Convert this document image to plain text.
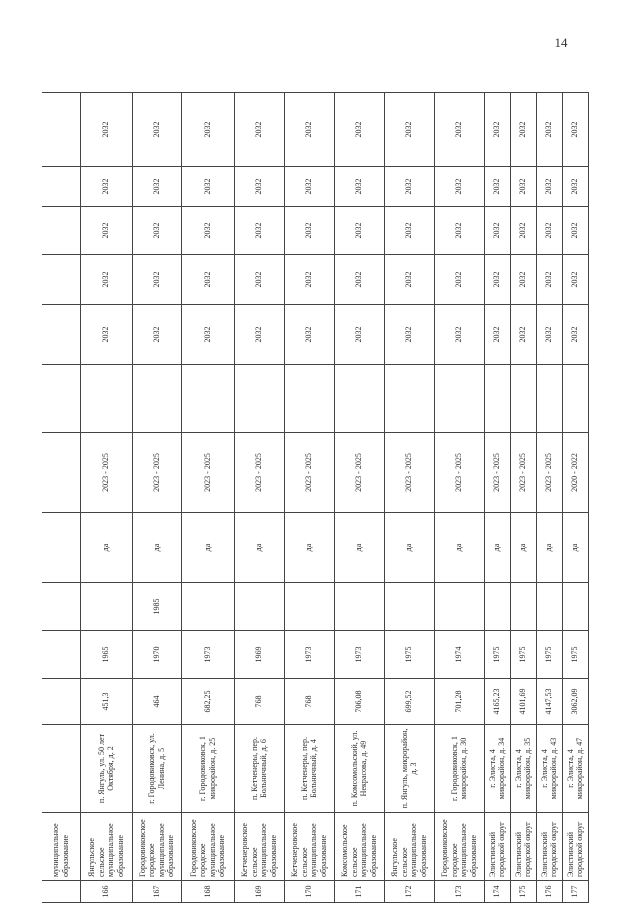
	муниципальное образование												
166	Янгульское сельское муниципальное образование	п. Янгуль, ул. 50 лет Октября, д. 2	451,3	1965		да	2023 - 2025		2032	2032	2032	2032	2032
167	Городовиковское городское муниципальное образование	г. Городовиковск, ул. Ленина, д. 5	464	1970	1985	да	2023 - 2025		2032	2032	2032	2032	2032
168	Городовиковское городское муниципальное образование	г. Городовиковск, 1 микрорайон, д. 25	682,25	1973		да	2023 - 2025		2032	2032	2032	2032	2032
169	Кетченеровское сельское муниципальное образование	п. Кетченеры, пер. Больничный, д. 6	768	1969		да	2023 - 2025		2032	2032	2032	2032	2032
170	Кетченеровское сельское муниципальное образование	п. Кетченеры, пер. Больничный, д. 4	768	1973		да	2023 - 2025		2032	2032	2032	2032	2032
171	Комсомольское сельское муниципальное образование	п. Комсомольский, ул. Некрасова, д. 49	706,08	1973		да	2023 - 2025		2032	2032	2032	2032	2032
172	Янгульское сельское муниципальное образование	п. Янгуль, микрорайон, д. 3	699,52	1975		да	2023 - 2025		2032	2032	2032	2032	2032
173	Городовиковское городское муниципальное образование	г. Городовиковск, 1 микрорайон, д. 30	701,28	1974		да	2023 - 2025		2032	2032	2032	2032	2032
174	Элистинский городской округ	г. Элиста, 4 микрорайон, д. 34	4165,23	1975		да	2023 - 2025		2032	2032	2032	2032	2032
175	Элистинский городской округ	г. Элиста, 4 микрорайон, д. 35	4101,69	1975		да	2023 - 2025		2032	2032	2032	2032	2032
176	Элистинский городской округ	г. Элиста, 4 микрорайон, д. 43	4147,53	1975		да	2023 - 2025		2032	2032	2032	2032	2032
177	Элистинский городской округ	г. Элиста, 4 микрорайон, д. 47	3062,09	1975		да	2020 - 2022		2032	2032	2032	2032	2032
14
